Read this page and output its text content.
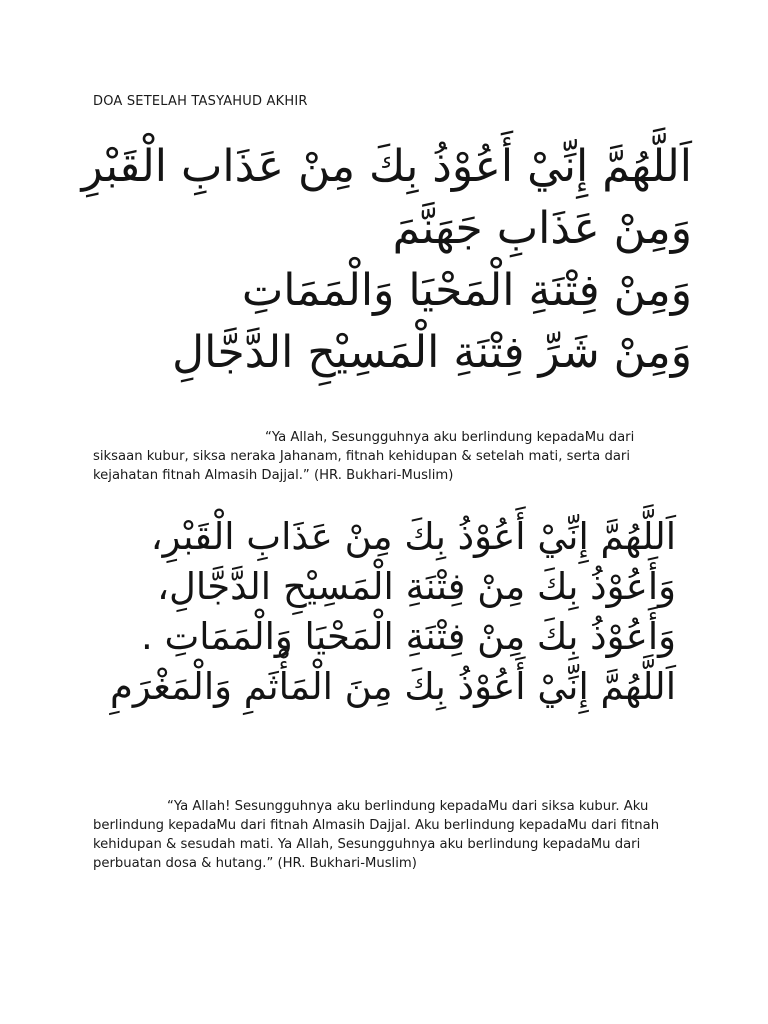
DOA SETELAH TASYAHUD AKHIR
اَللَّهُمَّ إِنِّيْ أَعُوْذُ بِكَ مِنْ عَذَابِ الْقَبْرِ
وَمِنْ عَذَابِ جَهَنَّمَ
وَمِنْ فِتْنَةِ الْمَحْيَا وَالْمَمَاتِ
وَمِنْ شَرِّ فِتْنَةِ الْمَسِيْحِ الدَّجَّالِ
“Ya Allah, Sesungguhnya aku berlindung kepadaMu dari siksaan kubur, siksa neraka Jahanam, fitnah kehidupan & setelah mati, serta dari kejahatan fitnah Almasih Dajjal.” (HR. Bukhari-Muslim)
اَللَّهُمَّ إِنِّيْ أَعُوْذُ بِكَ مِنْ عَذَابِ الْقَبْرِ،
وَأَعُوْذُ بِكَ مِنْ فِتْنَةِ الْمَسِيْحِ الدَّجَّالِ،
وَأَعُوْذُ بِكَ مِنْ فِتْنَةِ الْمَحْيَا وَالْمَمَاتِ .
اَللَّهُمَّ إِنِّيْ أَعُوْذُ بِكَ مِنَ الْمَأْثَمِ وَالْمَغْرَمِ
“Ya Allah! Sesungguhnya aku berlindung kepadaMu dari siksa kubur. Aku berlindung kepadaMu dari fitnah Almasih Dajjal. Aku berlindung kepadaMu dari fitnah kehidupan & sesudah mati. Ya Allah, Sesungguhnya aku berlindung kepadaMu dari perbuatan dosa & hutang.” (HR. Bukhari-Muslim)
